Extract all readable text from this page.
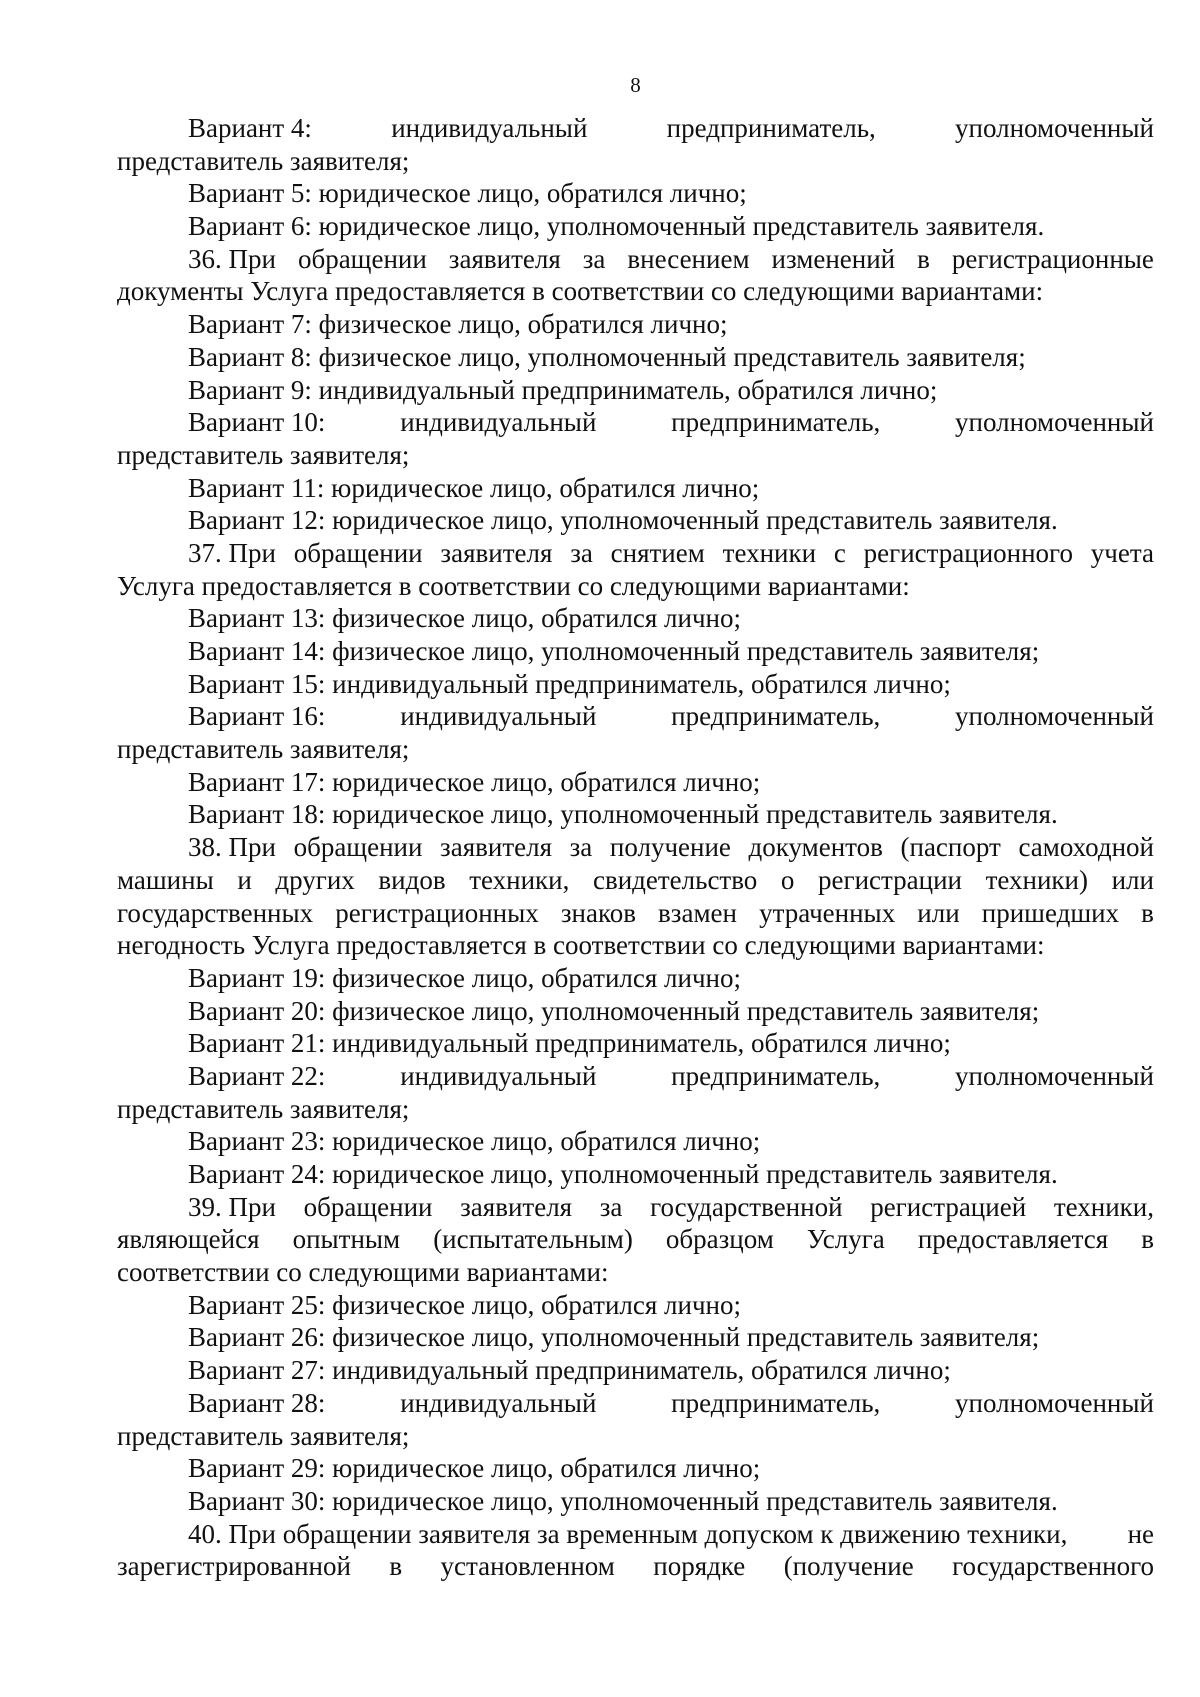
8
Вариант 4:	индивидуальный	предприниматель,	уполномоченный
представитель заявителя;
Вариант 5: юридическое лицо, обратился лично;
Вариант 6: юридическое лицо, уполномоченный представитель заявителя.
36. При обращении заявителя за внесением изменений в регистрационные
документы Услуга предоставляется в соответствии со следующими вариантами:
Вариант 7: физическое лицо, обратился лично;
Вариант 8: физическое лицо, уполномоченный представитель заявителя;
Вариант 9: индивидуальный предприниматель, обратился лично;
Вариант 10:	индивидуальный	предприниматель,	уполномоченный
представитель заявителя;
Вариант 11: юридическое лицо, обратился лично;
Вариант 12: юридическое лицо, уполномоченный представитель заявителя.
37. При обращении заявителя за снятием техники с регистрационного учета
Услуга предоставляется в соответствии со следующими вариантами:
Вариант 13: физическое лицо, обратился лично;
Вариант 14: физическое лицо, уполномоченный представитель заявителя;
Вариант 15: индивидуальный предприниматель, обратился лично;
Вариант 16:	индивидуальный	предприниматель,	уполномоченный
представитель заявителя;
Вариант 17: юридическое лицо, обратился лично;
Вариант 18: юридическое лицо, уполномоченный представитель заявителя.
38. При обращении заявителя за получение документов (паспорт самоходной
машины и других видов техники, свидетельство о регистрации техники) или
государственных регистрационных знаков взамен утраченных или пришедших в
негодность Услуга предоставляется в соответствии со следующими вариантами:
Вариант 19: физическое лицо, обратился лично;
Вариант 20: физическое лицо, уполномоченный представитель заявителя;
Вариант 21: индивидуальный предприниматель, обратился лично;
Вариант 22:	индивидуальный	предприниматель,	уполномоченный
представитель заявителя;
Вариант 23: юридическое лицо, обратился лично;
Вариант 24: юридическое лицо, уполномоченный представитель заявителя.
39. При обращении заявителя за государственной регистрацией техники,
являющейся опытным (испытательным) образцом Услуга предоставляется в
соответствии со следующими вариантами:
Вариант 25: физическое лицо, обратился лично;
Вариант 26: физическое лицо, уполномоченный представитель заявителя;
Вариант 27: индивидуальный предприниматель, обратился лично;
Вариант 28:	индивидуальный	предприниматель,	уполномоченный
представитель заявителя;
Вариант 29: юридическое лицо, обратился лично;
Вариант 30: юридическое лицо, уполномоченный представитель заявителя.
40. При обращении заявителя за временным допуском к движению техники, не
зарегистрированной в установленном порядке (получение государственного
